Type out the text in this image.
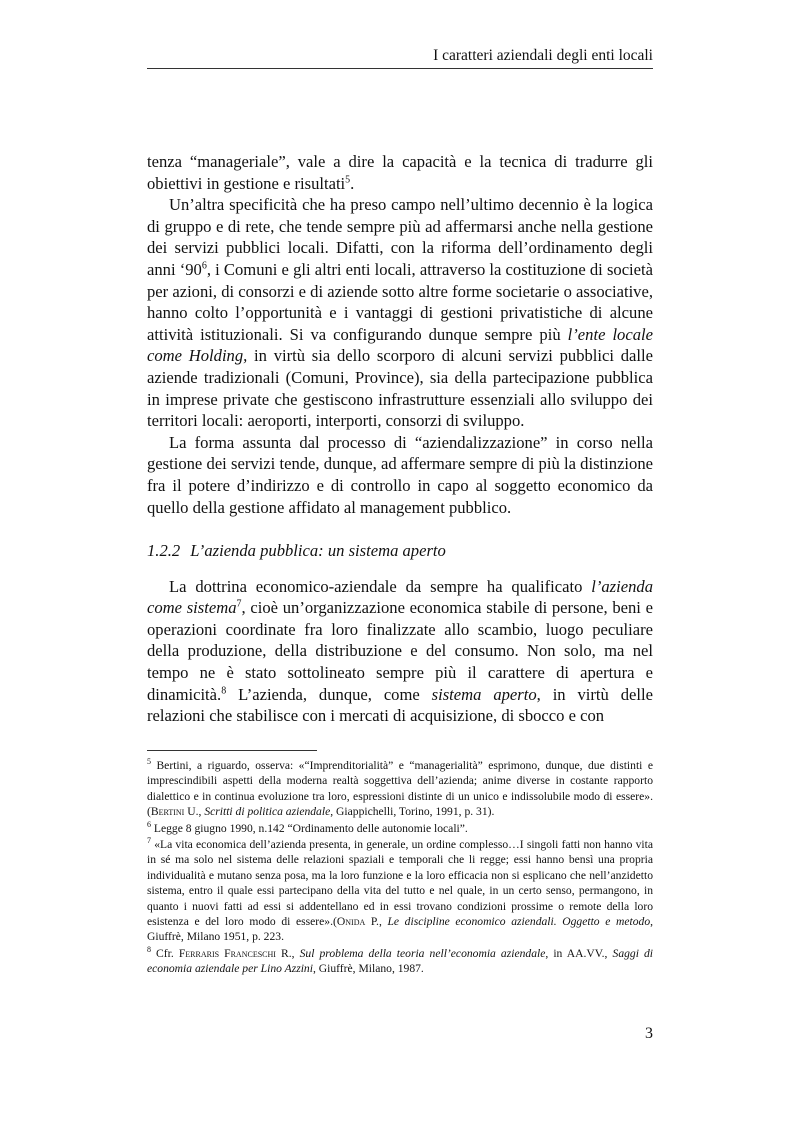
I caratteri aziendali degli enti locali

tenza “manageriale”, vale a dire la capacità e la tecnica di tradurre gli obiettivi in gestione e risultati$^5$.

Un’altra specificità che ha preso campo nell’ultimo decennio è la logica di gruppo e di rete, che tende sempre più ad affermarsi anche nella gestione dei servizi pubblici locali. Difatti, con la riforma dell’ordinamento degli anni ‘$90^6$, i Comuni e gli altri enti locali, attraverso la costituzione di società per azioni, di consorzi e di aziende sotto altre forme societarie o associative, hanno colto l’opportunità e i vantaggi di gestioni privatistiche di alcune attività istituzionali. Si va configurando dunque sempre più l’ente locale come Holding, in virtù sia dello scorporo di alcuni servizi pubblici dalle aziende tradizionali (Comuni, Province), sia della partecipazione pubblica in imprese private che gestiscono infrastrutture essenziali allo sviluppo dei territori locali: aeroporti, interporti, consorzi di sviluppo.

La forma assunta dal processo di “aziendalizzazione” in corso nella gestione dei servizi tende, dunque, ad affermare sempre di più la distinzione fra il potere d’indirizzo e di controllo in capo al soggetto economico da quello della gestione affidato al management pubblico.

1.2.2 L’azienda pubblica: un sistema aperto

La dottrina economico-aziendale da sempre ha qualificato l’azienda come sistema$^7$, cioè un’organizzazione economica stabile di persone, beni e operazioni coordinate fra loro finalizzate allo scambio, luogo peculiare della produzione, della distribuzione e del consumo. Non solo, ma nel tempo ne è stato sottolineato sempre più il carattere di apertura e dinamicità.$^8$ L’azienda, dunque, come sistema aperto, in virtù delle relazioni che stabilisce con i mercati di acquisizione, di sbocco e con

$^5$ Bertini, a riguardo, osserva: «“Imprenditorialità” e “managerialità” esprimono, dunque, due distinti e imprescindibili aspetti della moderna realtà soggettiva dell’azienda; anime diverse in costante rapporto dialettico e in continua evoluzione tra loro, espressioni distinte di un unico e indissolubile modo di essere». (Bertini U., Scritti di politica aziendale, Giappichelli, Torino, 1991, p. 31).

$^6$ Legge 8 giugno 1990, n.142 “Ordinamento delle autonomie locali”.

$^7$ «La vita economica dell’azienda presenta, in generale, un ordine complesso…I singoli fatti non hanno vita in sé ma solo nel sistema delle relazioni spaziali e temporali che li regge; essi hanno bensì una propria individualità e mutano senza posa, ma la loro funzione e la loro efficacia non si esplicano che nell’anzidetto sistema, entro il quale essi partecipano della vita del tutto e nel quale, in un certo senso, permangono, in quanto i nuovi fatti ad essi si addentellano ed in essi trovano condizioni prossime o remote della loro esistenza e del loro modo di essere».(Onida P., Le discipline economico aziendali. Oggetto e metodo, Giuffrè, Milano 1951, p. 223.

$^8$ Cfr. Ferraris Franceschi R., Sul problema della teoria nell’economia aziendale, in AA.VV., Saggi di economia aziendale per Lino Azzini, Giuffrè, Milano, 1987.

3
